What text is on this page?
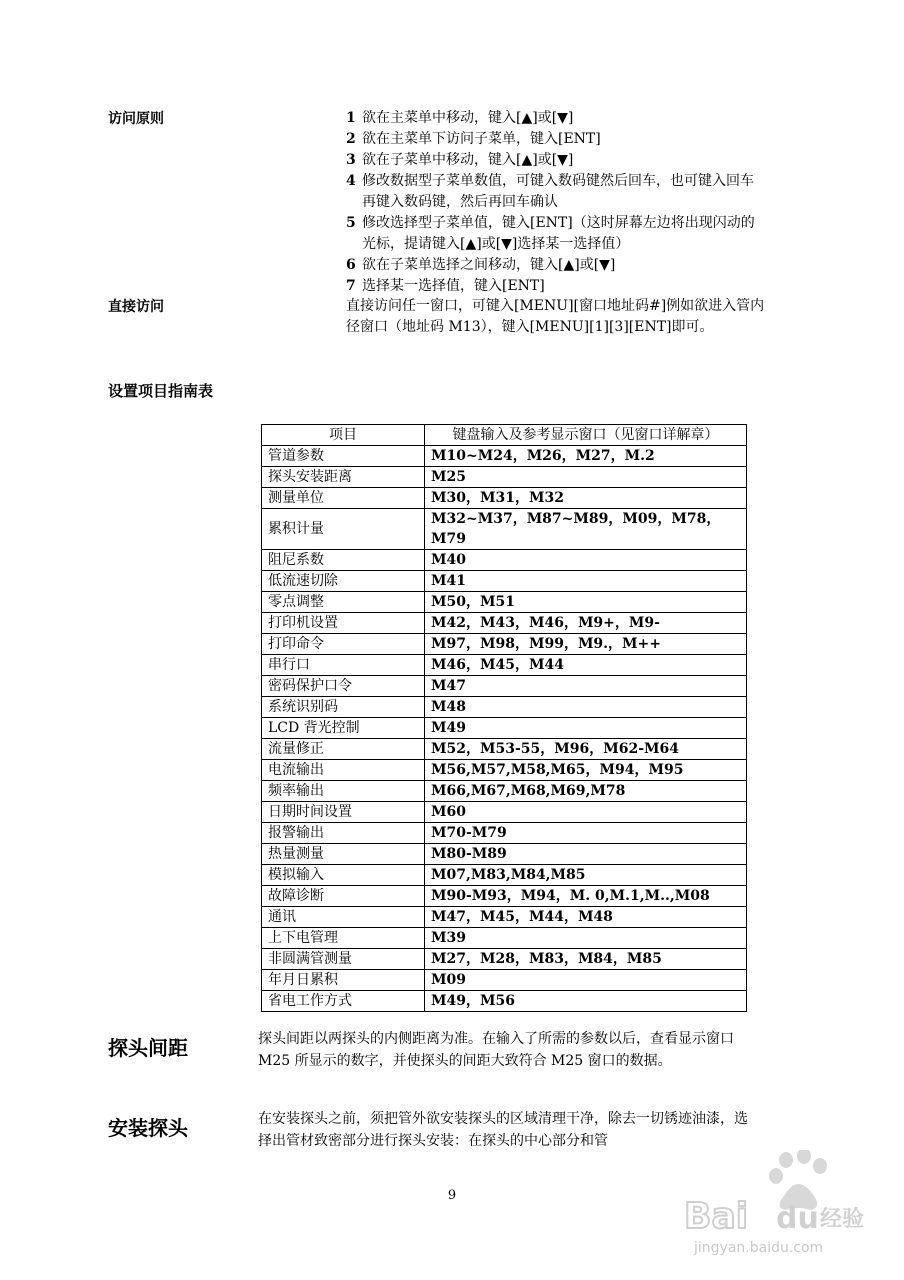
访问原则	1 欲在主菜单中移动，键入[▲]或[▼]
2 欲在主菜单下访问子菜单，键入[ENT]
3 欲在子菜单中移动，键入[▲]或[▼]
4 修改数据型子菜单数值，可键入数码键然后回车，也可键入回车再键入数码键，然后再回车确认
5 修改选择型子菜单值，键入[ENT]（这时屏幕左边将出现闪动的光标，提请键入[▲]或[▼]选择某一选择值）
6 欲在子菜单选择之间移动，键入[▲]或[▼]
7 选择某一选择值，键入[ENT]
直接访问	直接访问任一窗口，可键入[MENU][窗口地址码#]例如欲进入管内径窗口（地址码 M13），键入[MENU][1][3][ENT]即可。
设置项目指南表
项目	键盘输入及参考显示窗口（见窗口详解章）
管道参数	M10~M24，M26，M27，M.2
探头安装距离	M25
测量单位	M30，M31，M32
累积计量	M32~M37，M87~M89，M09，M78，M79
阻尼系数	M40
低流速切除	M41
零点调整	M50，M51
打印机设置	M42，M43，M46，M9+，M9-
打印命令	M97，M98，M99，M9.，M++
串行口	M46，M45，M44
密码保护口令	M47
系统识别码	M48
LCD 背光控制	M49
流量修正	M52，M53-55，M96，M62-M64
电流输出	M56,M57,M58,M65，M94，M95
频率输出	M66,M67,M68,M69,M78
日期时间设置	M60
报警输出	M70-M79
热量测量	M80-M89
模拟输入	M07,M83,M84,M85
故障诊断	M90-M93，M94，M. 0,M.1,M..,M08
通讯	M47，M45，M44，M48
上下电管理	M39
非圆满管测量	M27，M28，M83，M84，M85
年月日累积	M09
省电工作方式	M49，M56
探头间距	探头间距以两探头的内侧距离为准。在输入了所需的参数以后，查看显示窗口 M25 所显示的数字，并使探头的间距大致符合 M25 窗口的数据。
安装探头	在安装探头之前，须把管外欲安装探头的区域清理干净，除去一切锈迹油漆，选择出管材致密部分进行探头安装：在探头的中心部分和管
9
Bai du 经验
jingyan.baidu.com
